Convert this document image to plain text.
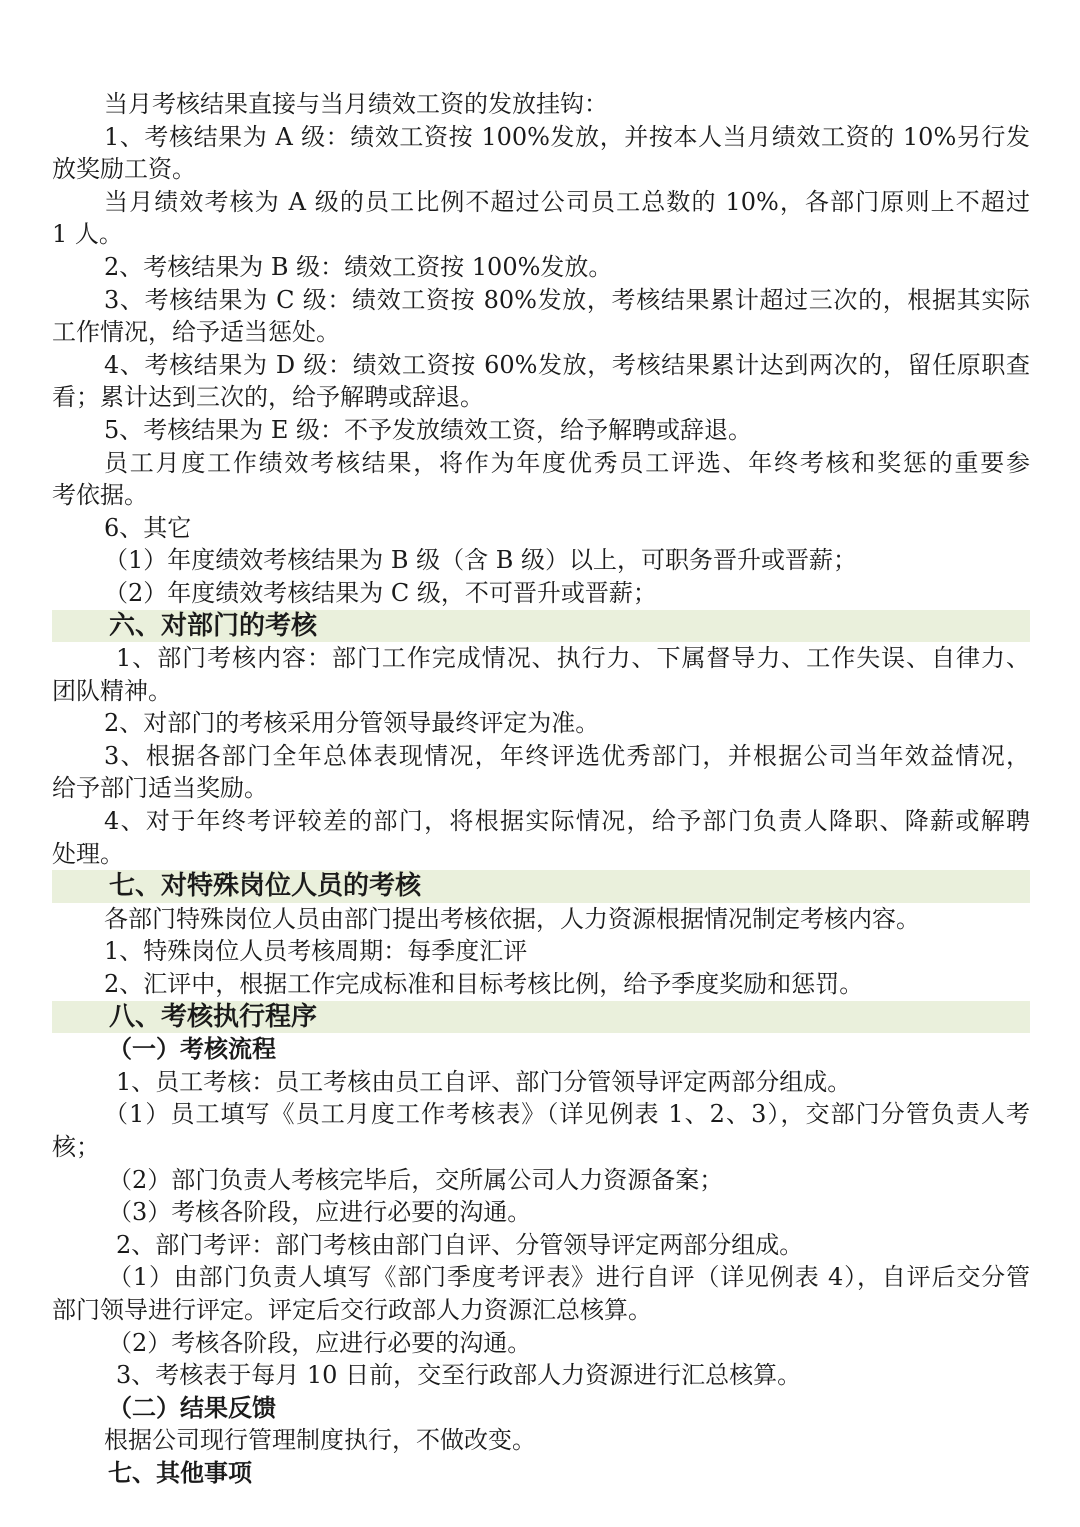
当月考核结果直接与当月绩效工资的发放挂钩：
1、考核结果为 A 级：绩效工资按 100%发放，并按本人当月绩效工资的 10%另行发
放奖励工资。
当月绩效考核为 A 级的员工比例不超过公司员工总数的 10%，各部门原则上不超过
1 人。
2、考核结果为 B 级：绩效工资按 100%发放。
3、考核结果为 C 级：绩效工资按 80%发放，考核结果累计超过三次的，根据其实际
工作情况，给予适当惩处。
4、考核结果为 D 级：绩效工资按 60%发放，考核结果累计达到两次的，留任原职查
看；累计达到三次的，给予解聘或辞退。
5、考核结果为 E 级：不予发放绩效工资，给予解聘或辞退。
员工月度工作绩效考核结果，将作为年度优秀员工评选、年终考核和奖惩的重要参
考依据。
6、其它
（1）年度绩效考核结果为 B 级（含 B 级）以上，可职务晋升或晋薪；
（2）年度绩效考核结果为 C 级，不可晋升或晋薪；
六、对部门的考核
1、部门考核内容：部门工作完成情况、执行力、下属督导力、工作失误、自律力、
团队精神。
2、对部门的考核采用分管领导最终评定为准。
3、根据各部门全年总体表现情况，年终评选优秀部门，并根据公司当年效益情况，
给予部门适当奖励。
4、对于年终考评较差的部门，将根据实际情况，给予部门负责人降职、降薪或解聘
处理。
七、对特殊岗位人员的考核
各部门特殊岗位人员由部门提出考核依据，人力资源根据情况制定考核内容。
1、特殊岗位人员考核周期：每季度汇评
2、汇评中，根据工作完成标准和目标考核比例，给予季度奖励和惩罚。
八、考核执行程序
（一）考核流程
1、员工考核：员工考核由员工自评、部门分管领导评定两部分组成。
（1）员工填写《员工月度工作考核表》（详见例表 1、2、3），交部门分管负责人考
核；
（2）部门负责人考核完毕后，交所属公司人力资源备案；
（3）考核各阶段，应进行必要的沟通。
2、部门考评：部门考核由部门自评、分管领导评定两部分组成。
（1）由部门负责人填写《部门季度考评表》进行自评（详见例表 4），自评后交分管
部门领导进行评定。评定后交行政部人力资源汇总核算。
（2）考核各阶段，应进行必要的沟通。
3、考核表于每月 10 日前，交至行政部人力资源进行汇总核算。
（二）结果反馈
根据公司现行管理制度执行，不做改变。
七、其他事项
